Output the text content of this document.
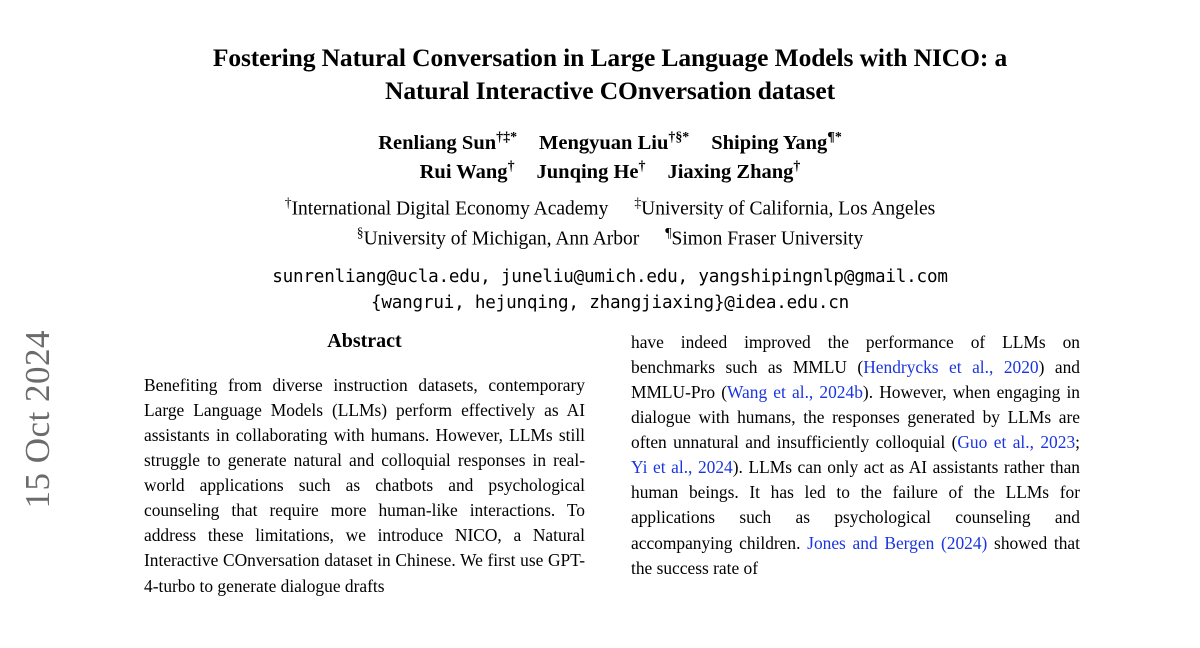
15 Oct 2024
Fostering Natural Conversation in Large Language Models with NICO: a
Natural Interactive COnversation dataset
Renliang Sun†‡* Mengyuan Liu†§* Shiping Yang¶*
Rui Wang† Junqing He† Jiaxing Zhang†
†International Digital Economy Academy ‡University of California, Los Angeles
§University of Michigan, Ann Arbor ¶Simon Fraser University
sunrenliang@ucla.edu, juneliu@umich.edu, yangshipingnlp@gmail.com
{wangrui, hejunqing, zhangjiaxing}@idea.edu.cn
Abstract
Benefiting from diverse instruction datasets, contemporary Large Language Models (LLMs) perform effectively as AI assistants in collaborating with humans. However, LLMs still struggle to generate natural and colloquial responses in real-world applications such as chatbots and psychological counseling that require more human-like interactions. To address these limitations, we introduce NICO, a Natural Interactive COnversation dataset in Chinese. We first use GPT-4-turbo to generate dialogue drafts
have indeed improved the performance of LLMs on benchmarks such as MMLU (Hendrycks et al., 2020) and MMLU-Pro (Wang et al., 2024b). However, when engaging in dialogue with humans, the responses generated by LLMs are often unnatural and insufficiently colloquial (Guo et al., 2023; Yi et al., 2024). LLMs can only act as AI assistants rather than human beings. It has led to the failure of the LLMs for applications such as psychological counseling and accompanying children. Jones and Bergen (2024) showed that the success rate of
